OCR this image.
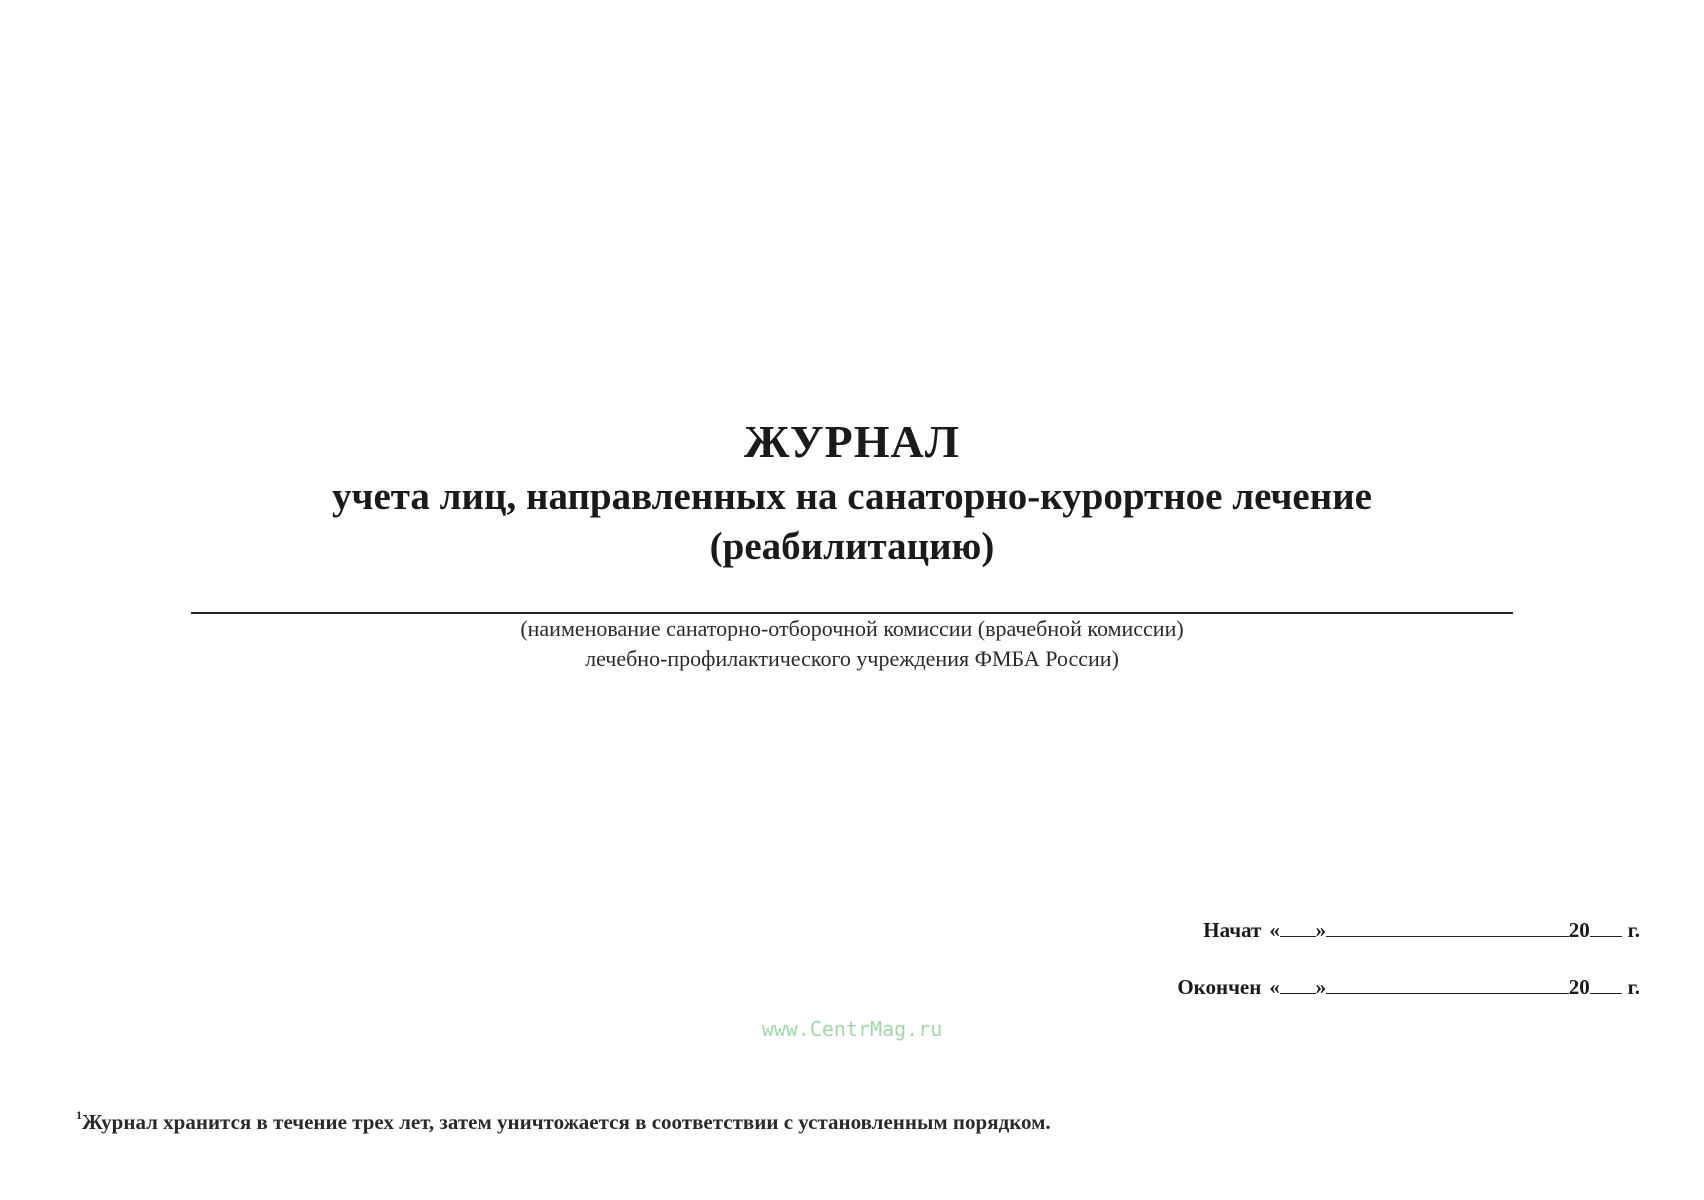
ЖУРНАЛ
учета лиц, направленных на санаторно-курортное лечение
(реабилитацию)
(наименование санаторно-отборочной комиссии (врачебной комиссии)
лечебно-профилактического учреждения ФМБА России)
Начат « »	20 г.
Окончен « »	20 г.
www.CentrMag.ru
$^1$Журнал хранится в течение трех лет, затем уничтожается в соответствии с установленным порядком.
